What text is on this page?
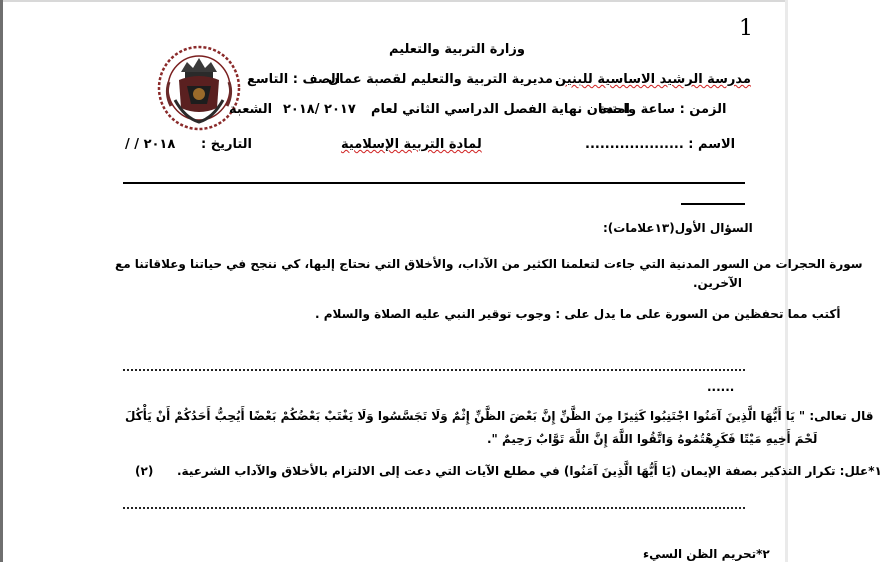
1
وزارة التربية والتعليم
مدرسة الرشيد الاساسية للبنين
مديرية التربية والتعليم لقصبة عمان
الصف : التاسع
الزمن : ساعة واحدة
امتحان نهاية الفصل الدراسي الثاني لعام
٢٠١٧ /٢٠١٨
الشعبة
الاسم : ....................
لمادة التربية الإسلامية
التاريخ :
/ / ٢٠١٨
السؤال الأول(١٣علامات):
سورة الحجرات من السور المدنية التي جاءت لتعلمنا الكثير من الآداب، والأخلاق التي نحتاج إليها، كي ننجح في حياتنا وعلاقاتنا مع
الآخرين.
أكتب مما تحفظين من السورة على ما يدل على : وجوب توقير النبي عليه الصلاة والسلام .
......
قال تعالى: " يَا أَيُّهَا الَّذِينَ آمَنُوا اجْتَنِبُوا كَثِيرًا مِنَ الظَّنِّ إِنَّ بَعْضَ الظَّنِّ إِثْمٌ وَلَا تَجَسَّسُوا وَلَا يَغْتَبْ بَعْضُكُمْ بَعْضًا أَيُحِبُّ أَحَدُكُمْ أَنْ يَأْكُلَ
لَحْمَ أَخِيهِ مَيْتًا فَكَرِهْتُمُوهُ وَاتَّقُوا اللَّهَ إِنَّ اللَّهَ تَوَّابٌ رَحِيمٌ ".
١*علل: تكرار التذكير بصفة الإيمان (يَا أَيُّهَا الَّذِينَ آمَنُوا) في مطلع الآيات التي دعت إلى الالتزام بالأخلاق والآداب الشرعية.
(٢)
٢*تحريم الظن السيء
